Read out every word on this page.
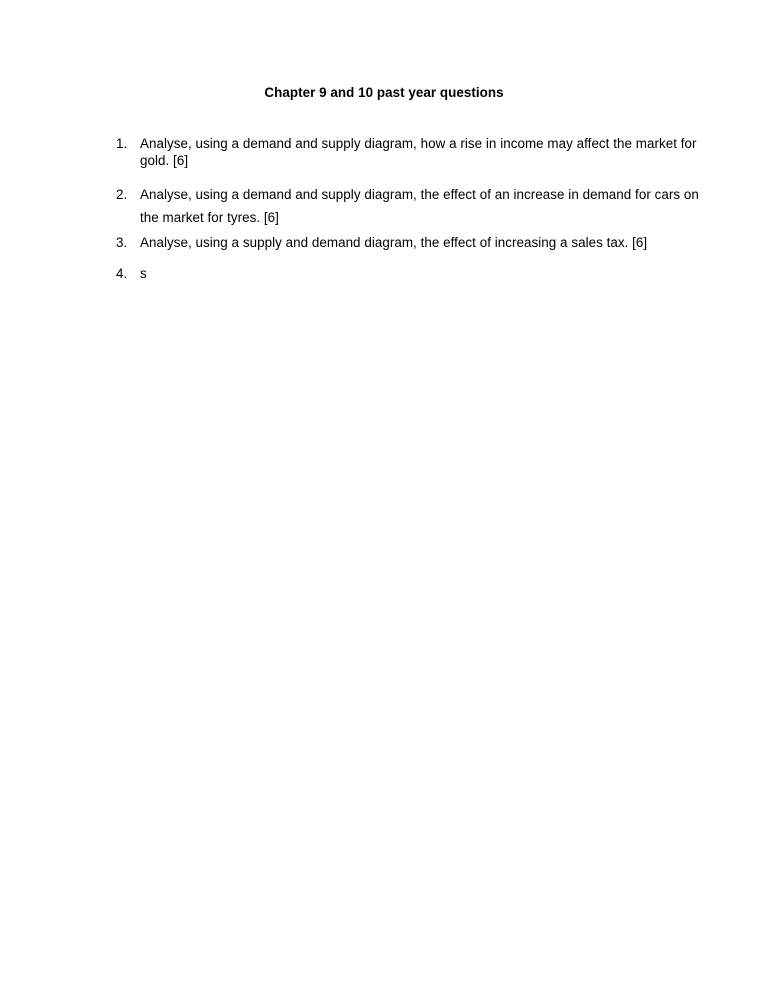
Chapter 9 and 10 past year questions
1. Analyse, using a demand and supply diagram, how a rise in income may affect the market for gold. [6]
2. Analyse, using a demand and supply diagram, the effect of an increase in demand for cars on the market for tyres. [6]
3. Analyse, using a supply and demand diagram, the effect of increasing a sales tax. [6]
4. s
